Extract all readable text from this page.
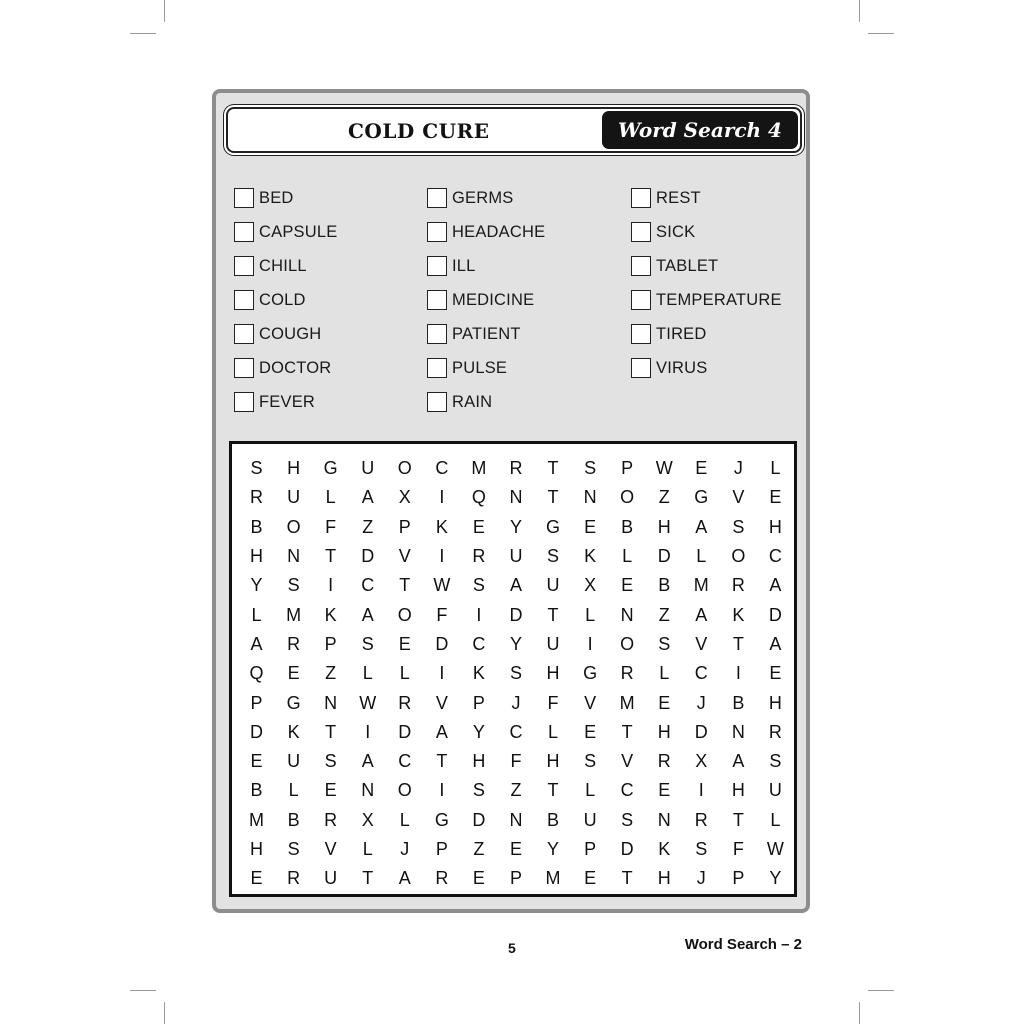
COLD CURE	Word Search 4
BED
CAPSULE
CHILL
COLD
COUGH
DOCTOR
FEVER
GERMS
HEADACHE
ILL
MEDICINE
PATIENT
PULSE
RAIN
REST
SICK
TABLET
TEMPERATURE
TIRED
VIRUS
S	H	G	U	O	C	M	R	T	S	P	W	E	J	L
R	U	L	A	X	I	Q	N	T	N	O	Z	G	V	E
B	O	F	Z	P	K	E	Y	G	E	B	H	A	S	H
H	N	T	D	V	I	R	U	S	K	L	D	L	O	C
Y	S	I	C	T	W	S	A	U	X	E	B	M	R	A
L	M	K	A	O	F	I	D	T	L	N	Z	A	K	D
A	R	P	S	E	D	C	Y	U	I	O	S	V	T	A
Q	E	Z	L	L	I	K	S	H	G	R	L	C	I	E
P	G	N	W	R	V	P	J	F	V	M	E	J	B	H
D	K	T	I	D	A	Y	C	L	E	T	H	D	N	R
E	U	S	A	C	T	H	F	H	S	V	R	X	A	S
B	L	E	N	O	I	S	Z	T	L	C	E	I	H	U
M	B	R	X	L	G	D	N	B	U	S	N	R	T	L
H	S	V	L	J	P	Z	E	Y	P	D	K	S	F	W
E	R	U	T	A	R	E	P	M	E	T	H	J	P	Y
5	Word Search – 2
